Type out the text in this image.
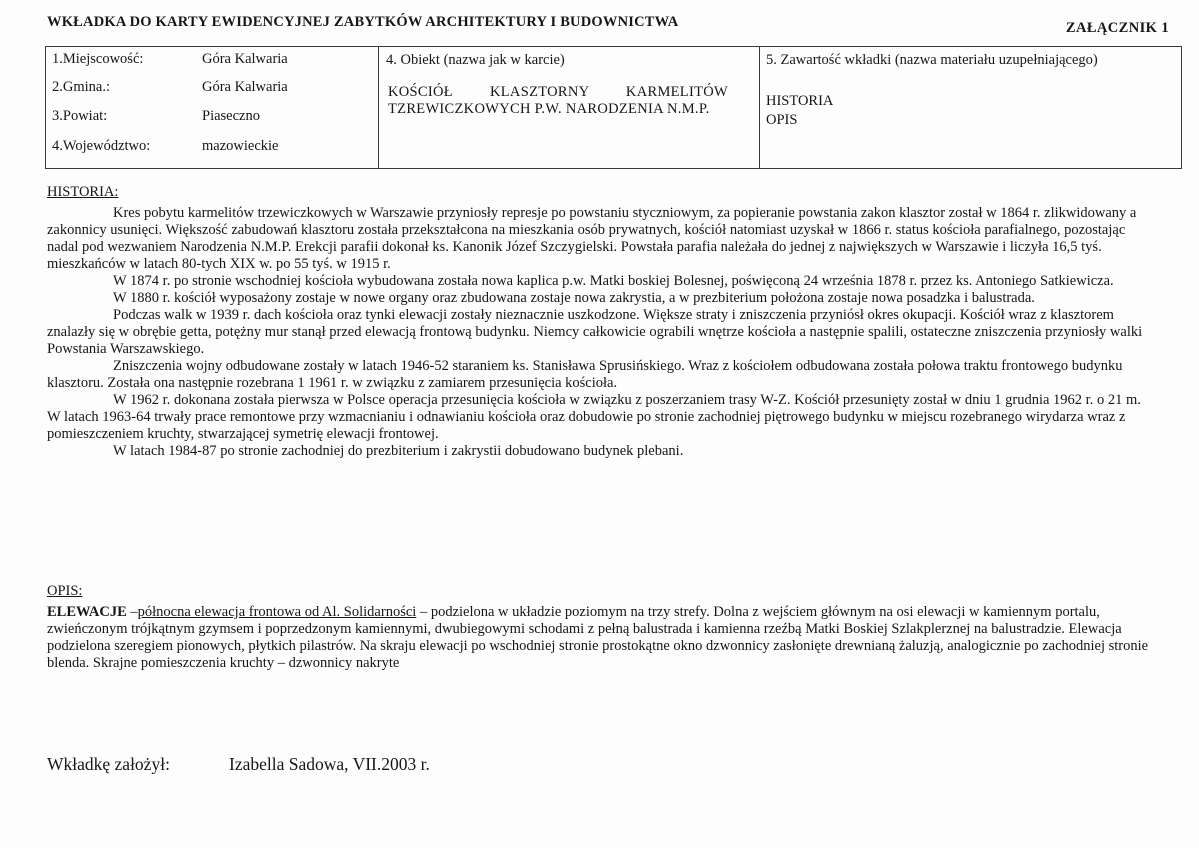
WKŁADKA DO KARTY EWIDENCYJNEJ ZABYTKÓW ARCHITEKTURY I BUDOWNICTWA	ZAŁĄCZNIK 1
1.Miejscowość:	Góra Kalwaria
2.Gmina.:	Góra Kalwaria
3.Powiat:	Piaseczno
4.Województwo:	mazowieckie
4. Obiekt (nazwa jak w karcie)
KOŚCIÓŁ KLASZTORNY KARMELITÓW TZREWICZKOWYCH P.W. NARODZENIA N.M.P.
5. Zawartość wkładki (nazwa materiału uzupełniającego)
HISTORIA
OPIS
HISTORIA:

Kres pobytu karmelitów trzewiczkowych w Warszawie przyniosły represje po powstaniu styczniowym, za popieranie powstania zakon klasztor został w 1864 r. zlikwidowany a zakonnicy usunięci. Większość zabudowań klasztoru została przekształcona na mieszkania osób prywatnych, kościół natomiast uzyskał w 1866 r. status kościoła parafialnego, pozostając nadal pod wezwaniem Narodzenia N.M.P. Erekcji parafii dokonał ks. Kanonik Józef Szczygielski. Powstała parafia należała do jednej z największych w Warszawie i liczyła 16,5 tyś. mieszkańców w latach 80-tych XIX w. po 55 tyś. w 1915 r.

W 1874 r. po stronie wschodniej kościoła wybudowana została nowa kaplica p.w. Matki boskiej Bolesnej, poświęconą 24 września 1878 r. przez ks. Antoniego Satkiewicza.

W 1880 r. kościół wyposażony zostaje w nowe organy oraz zbudowana zostaje nowa zakrystia, a w prezbiterium położona zostaje nowa posadzka i balustrada.

Podczas walk w 1939 r. dach kościoła oraz tynki elewacji zostały nieznacznie uszkodzone. Większe straty i zniszczenia przyniósł okres okupacji. Kościół wraz z klasztorem znalazły się w obrębie getta, potężny mur stanął przed elewacją frontową budynku. Niemcy całkowicie ograbili wnętrze kościoła a następnie spalili, ostateczne zniszczenia przyniosły walki Powstania Warszawskiego.

Zniszczenia wojny odbudowane zostały w latach 1946-52 staraniem ks. Stanisława Sprusińskiego. Wraz z kościołem odbudowana została połowa traktu frontowego budynku klasztoru. Została ona następnie rozebrana 1 1961 r. w związku z zamiarem przesunięcia kościoła.

W 1962 r. dokonana została pierwsza w Polsce operacja przesunięcia kościoła w związku z poszerzaniem trasy W-Z. Kościół przesunięty został w dniu 1 grudnia 1962 r. o 21 m. W latach 1963-64 trwały prace remontowe przy wzmacnianiu i odnawianiu kościoła oraz dobudowie po stronie zachodniej piętrowego budynku w miejscu rozebranego wirydarza wraz z pomieszczeniem kruchty, stwarzającej symetrię elewacji frontowej.

W latach 1984-87 po stronie zachodniej do prezbiterium i zakrystii dobudowano budynek plebani.

OPIS:

ELEWACJE –północna elewacja frontowa od Al. Solidarności – podzielona w układzie poziomym na trzy strefy. Dolna z wejściem głównym na osi elewacji w kamiennym portalu, zwieńczonym trójkątnym gzymsem i poprzedzonym kamiennymi, dwubiegowymi schodami z pełną balustrada i kamienna rzeźbą Matki Boskiej Szlakplerznej na balustradzie. Elewacja podzielona szeregiem pionowych, płytkich pilastrów. Na skraju elewacji po wschodniej stronie prostokątne okno dzwonnicy zasłonięte drewnianą żaluzją, analogicznie po zachodniej stronie blenda. Skrajne pomieszczenia kruchty – dzwonnicy nakryte

Wkładkę założył:	Izabella Sadowa, VII.2003 r.
